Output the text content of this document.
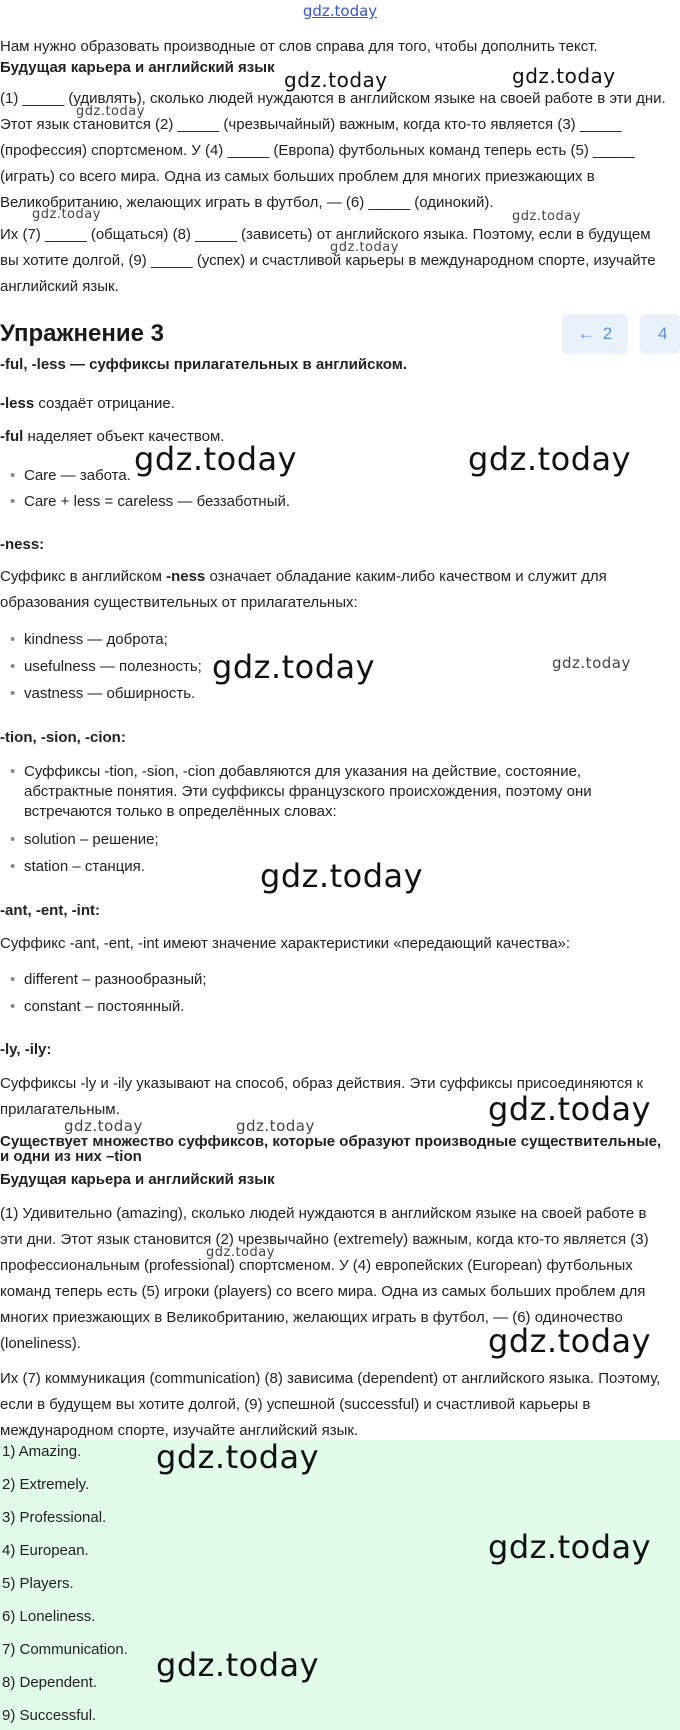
gdz.today
Нам нужно образовать производные от слов справа для того, чтобы дополнить текст.
Будущая карьера и английский язык
(1) _____ (удивлять), сколько людей нуждаются в английском языке на своей работе в эти дни. Этот язык становится (2) _____ (чрезвычайный) важным, когда кто-то является (3) _____ (профессия) спортсменом. У (4) _____ (Европа) футбольных команд теперь есть (5) _____ (играть) со всего мира. Одна из самых больших проблем для многих приезжающих в Великобританию, желающих играть в футбол, — (6) _____ (одинокий).
Их (7) _____ (общаться) (8) _____ (зависеть) от английского языка. Поэтому, если в будущем вы хотите долгой, (9) _____ (успех) и счастливой карьеры в международном спорте, изучайте английский язык.
Упражнение 3	← 2	4
-ful, -less — суффиксы прилагательных в английском.
-less создаёт отрицание.
-ful наделяет объект качеством.
• Care — забота.
• Care + less = careless — беззаботный.
-ness:
Суффикс в английском -ness означает обладание каким-либо качеством и служит для образования существительных от прилагательных:
• kindness — доброта;
• usefulness — полезность;
• vastness — обширность.
-tion, -sion, -cion:
• Суффиксы -tion, -sion, -cion добавляются для указания на действие, состояние, абстрактные понятия. Эти суффиксы французского происхождения, поэтому они встречаются только в определённых словах:
• solution – решение;
• station – станция.
-ant, -ent, -int:
Суффикс -ant, -ent, -int имеют значение характеристики «передающий качества»:
• different – разнообразный;
• constant – постоянный.
-ly, -ily:
Суффиксы -ly и -ily указывают на способ, образ действия. Эти суффиксы присоединяются к прилагательным.
Существует множество суффиксов, которые образуют производные существительные,
и одни из них –tion
Будущая карьера и английский язык
(1) Удивительно (amazing), сколько людей нуждаются в английском языке на своей работе в эти дни. Этот язык становится (2) чрезвычайно (extremely) важным, когда кто-то является (3) профессиональным (professional) спортсменом. У (4) европейских (European) футбольных команд теперь есть (5) игроки (players) со всего мира. Одна из самых больших проблем для многих приезжающих в Великобританию, желающих играть в футбол, — (6) одиночество (loneliness).
Их (7) коммуникация (communication) (8) зависима (dependent) от английского языка. Поэтому, если в будущем вы хотите долгой, (9) успешной (successful) и счастливой карьеры в международном спорте, изучайте английский язык.
1) Amazing.
2) Extremely.
3) Professional.
4) European.
5) Players.
6) Loneliness.
7) Communication.
8) Dependent.
9) Successful.
gdz.today	gdz.today
gdz.today
gdz.today	gdz.today
gdz.today
gdz.today	gdz.today
gdz.today	gdz.today
gdz.today
gdz.today
gdz.today	gdz.today
gdz.today
gdz.today
gdz.today
gdz.today
gdz.today
